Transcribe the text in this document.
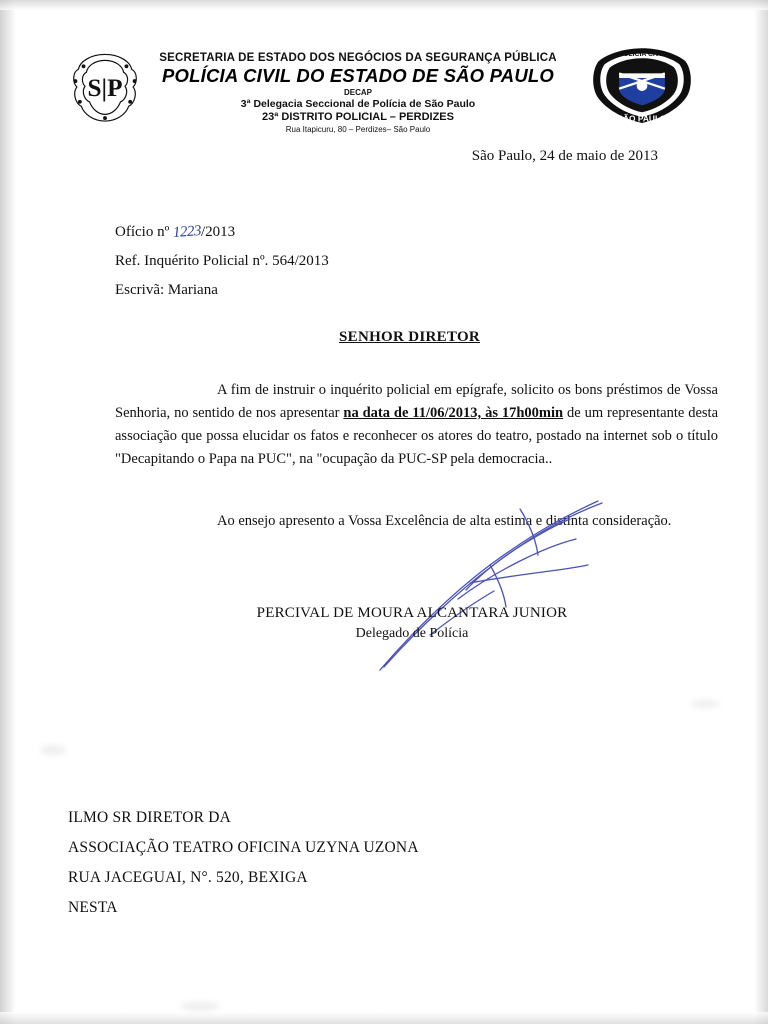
S|P
SECRETARIA DE ESTADO DOS NEGÓCIOS DA SEGURANÇA PÚBLICA
POLÍCIA CIVIL DO ESTADO DE SÃO PAULO
DECAP
3ª Delegacia Seccional de Polícia de São Paulo
23ª DISTRITO POLICIAL – PERDIZES
Rua Itapicuru, 80 – Perdizes– São Paulo
POLÍCIA CIVIL
SÃO PAULO
São Paulo, 24 de maio de 2013
Ofício nº 1223/2013
Ref. Inquérito Policial nº. 564/2013
Escrivã: Mariana
SENHOR DIRETOR
A fim de instruir o inquérito policial em epígrafe, solicito os bons préstimos de Vossa Senhoria, no sentido de nos apresentar na data de 11/06/2013, às 17h00min de um representante desta associação que possa elucidar os fatos e reconhecer os atores do teatro, postado na internet sob o título "Decapitando o Papa na PUC", na "ocupação da PUC-SP pela democracia..
Ao ensejo apresento a Vossa Excelência de alta estima e distinta consideração.
PERCIVAL DE MOURA ALCANTARA JUNIOR
Delegado de Polícia
ILMO SR DIRETOR DA
ASSOCIAÇÃO TEATRO OFICINA UZYNA UZONA
RUA JACEGUAI, N°. 520, BEXIGA
NESTA
